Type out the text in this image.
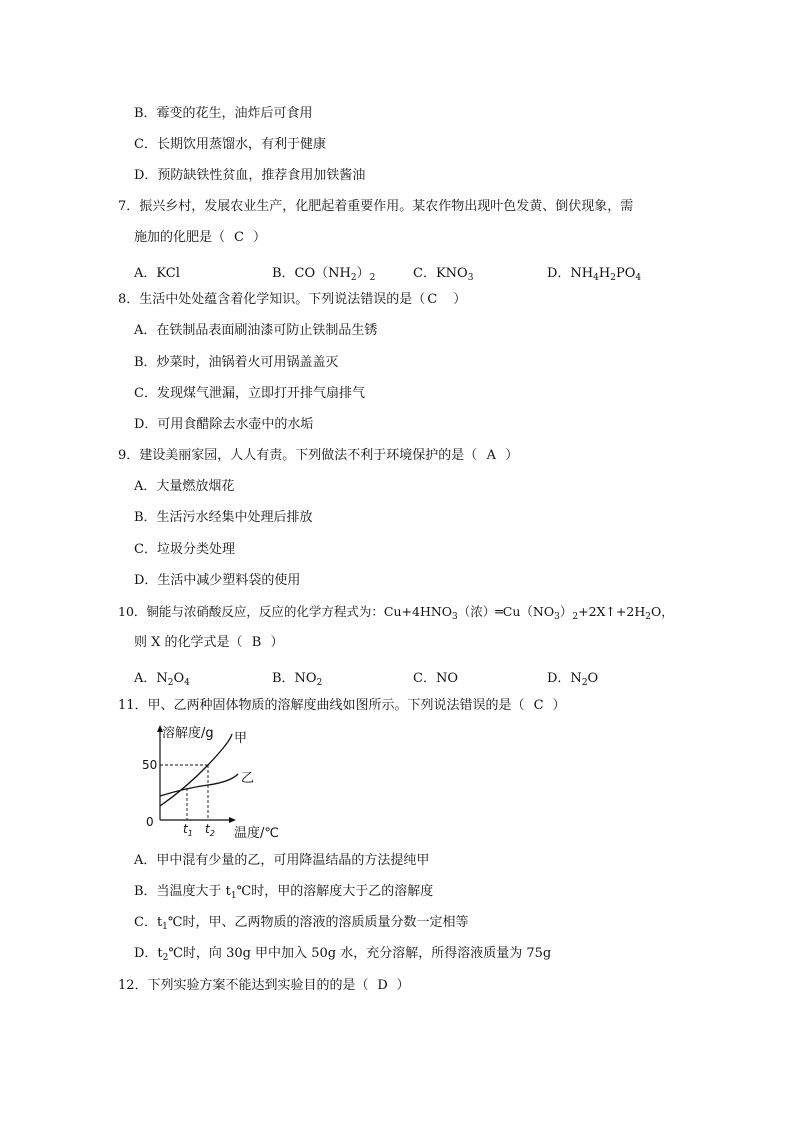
B．霉变的花生，油炸后可食用
C．长期饮用蒸馏水，有利于健康
D．预防缺铁性贫血，推荐食用加铁酱油
7．振兴乡村，发展农业生产，化肥起着重要作用。某农作物出现叶色发黄、倒伏现象，需
施加的化肥是（ C ）
A．KCl	B．$CO(NH_2)_2$	C．$KNO_3$	D．$NH_4H_2PO_4$
8．生活中处处蕴含着化学知识。下列说法错误的是（ C ）
A．在铁制品表面刷油漆可防止铁制品生锈
B．炒菜时，油锅着火可用锅盖盖灭
C．发现煤气泄漏，立即打开排气扇排气
D．可用食醋除去水壶中的水垢
9．建设美丽家园，人人有责。下列做法不利于环境保护的是（ A ）
A．大量燃放烟花
B．生活污水经集中处理后排放
C．垃圾分类处理
D．生活中减少塑料袋的使用
10．铜能与浓硝酸反应，反应的化学方程式为：$Cu+4HNO_3$（浓）$═Cu(NO_3)_2+2X↑+2H_2O$，
则 X 的化学式是（ B ）
A．$N_2O_4$	B．$NO_2$	C．NO	D．$N_2O$
11．甲、乙两种固体物质的溶解度曲线如图所示。下列说法错误的是（ C ）
溶解度/g 甲
乙
50
0 $t_1$ $t_2$ 温度/℃
A．甲中混有少量的乙，可用降温结晶的方法提纯甲
B．当温度大于 $t_1℃$时，甲的溶解度大于乙的溶解度
C．$t_1℃$时，甲、乙两物质的溶液的溶质质量分数一定相等
D．$t_2℃$时，向 30g 甲中加入 50g 水，充分溶解，所得溶液质量为 75g
12．下列实验方案不能达到实验目的的是（ D ）
